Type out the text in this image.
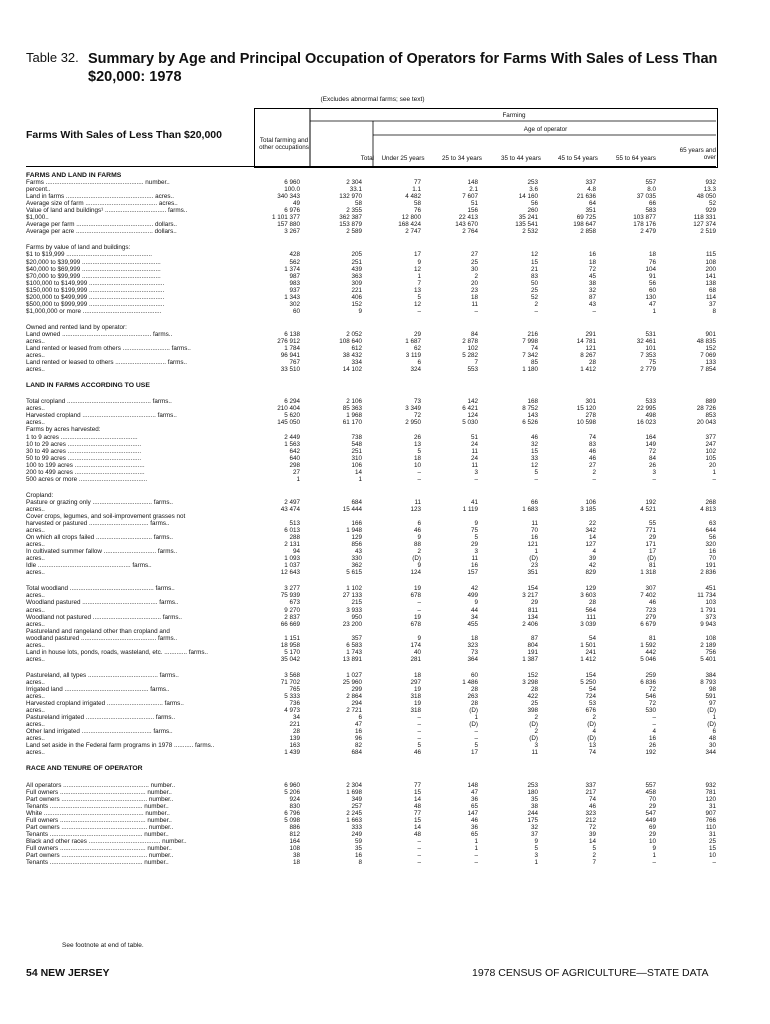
Table 32. Summary by Age and Principal Occupation of Operators for Farms With Sales of Less Than $20,000: 1978
(Excludes abnormal farms; see text)
Farms With Sales of Less Than $20,000	Total farming and other occupations
Farming
Age of operator
Total	Under 25 years	25 to 34 years	35 to 44 years	45 to 54 years	55 to 64 years
65 years and over
FARMS AND LAND IN FARMS
Farms ........................................................ number..	6 960	2 304	77	148	253	337	557	932
percent..	100.0	33.1	1.1	2.1	3.6	4.8	8.0	13.3
Land in farms .................................................. acres..	340 343	132 970	4 482	7 607	14 160	21 636	37 035	48 050
Average size of farm ......................................... acres..	49	58	58	51	56	64	66	52
Value of land and buildings¹ ................................... farms..	6 976	2 355	76	156	260	351	583	929
$1,000..	1 101 377	362 387	12 800	22 413	35 241	69 725	103 877	118 331
Average per farm ............................................ dollars..	157 880	153 879	168 424	143 670	135 541	198 647	178 176	127 374
Average per acre ............................................ dollars..	3 267	2 589	2 747	2 764	2 532	2 858	2 479	2 519
Farms by value of land and buildings:
$1 to $19,999 .................................................	428	205	17	27	12	16	18	115
$20,000 to $39,999 .............................................	562	251	9	25	15	18	76	108
$40,000 to $69,999 .............................................	1 374	439	12	30	21	72	104	200
$70,000 to $99,999 .............................................	987	363	1	2	83	45	91	141
$100,000 to $149,999 ...........................................	983	309	7	20	50	38	56	138
$150,000 to $199,999 ...........................................	937	221	13	23	25	32	60	68
$200,000 to $499,999 ...........................................	1 343	406	5	18	52	87	130	114
$500,000 to $999,999 ...........................................	302	152	12	11	2	43	47	37
$1,000,000 or more .............................................	60	9	–	–	–	–	1	8
Owned and rented land by operator:
Land owned ................................................... farms..	6 138	2 052	29	84	216	291	531	901
acres..	276 912	108 640	1 687	2 878	7 998	14 781	32 461	48 835
Land rented or leased from others ........................... farms..	1 784	612	62	102	74	121	101	152
acres..	96 941	38 432	3 119	5 282	7 342	8 267	7 353	7 069
Land rented or leased to others ............................. farms..	767	334	6	7	85	28	75	133
acres..	33 510	14 102	324	553	1 180	1 412	2 779	7 854
LAND IN FARMS ACCORDING TO USE
Total cropland ................................................ farms..	6 294	2 106	73	142	168	301	533	889
acres..	210 404	85 363	3 349	6 421	8 752	15 120	22 995	28 726
Harvested cropland .......................................... farms..	5 620	1 968	72	124	143	278	498	853
acres..	145 050	61 170	2 950	5 030	6 526	10 598	16 023	20 043
Farms by acres harvested:
1 to 9 acres ............................................	2 449	738	26	51	46	74	164	377
10 to 29 acres ..........................................	1 563	548	13	24	32	83	149	247
30 to 49 acres ..........................................	642	251	5	11	15	46	72	102
50 to 99 acres ..........................................	640	310	18	24	33	46	84	105
100 to 199 acres ........................................	298	106	10	11	12	27	26	20
200 to 499 acres ........................................	27	14	–	3	5	2	3	1
500 acres or more .......................................	1	1	–	–	–	–	–	–
Cropland:
Pasture or grazing only .................................. farms..	2 497	684	11	41	66	106	192	268
acres..	43 474	15 444	123	1 119	1 683	3 185	4 521	4 813
Cover crops, legumes, and soil-improvement grasses not
harvested or pastured .................................. farms..	513	166	6	9	11	22	55	63
acres..	6 013	1 948	46	75	70	342	771	644
On which all crops failed ................................ farms..	288	129	9	5	16	14	29	56
acres..	2 131	856	88	29	121	127	171	320
In cultivated summer fallow .............................. farms..	94	43	2	3	1	4	17	16
acres..	1 093	330	(D)	11	(D)	39	(D)	70
Idle ..................................................... farms..	1 037	362	9	16	23	42	81	191
acres..	12 643	5 615	124	157	351	829	1 318	2 836
Total woodland ................................................ farms..	3 277	1 102	19	42	154	129	307	451
acres..	75 939	27 133	678	499	3 217	3 603	7 402	11 734
Woodland pastured ........................................... farms..	673	215	–	9	29	28	46	103
acres..	9 270	3 933	–	44	811	564	723	1 791
Woodland not pastured ....................................... farms..	2 837	950	19	34	134	111	279	373
acres..	66 669	23 200	678	455	2 406	3 039	6 679	9 943
Pastureland and rangeland other than cropland and
woodland pastured ........................................... farms..	1 151	357	9	18	87	54	81	108
acres..	18 958	6 583	174	323	804	1 501	1 592	2 189
Land in house lots, ponds, roads, wasteland, etc. ............. farms..	5 170	1 743	40	73	191	241	442	756
acres..	35 042	13 891	281	364	1 387	1 412	5 046	5 401
Pastureland, all types ........................................ farms..	3 568	1 027	18	60	152	154	259	384
acres..	71 702	25 960	297	1 486	3 298	5 250	6 836	8 793
Irrigated land ................................................ farms..	765	299	19	28	28	54	72	98
acres..	5 333	2 864	318	263	422	724	546	591
Harvested cropland irrigated ................................ farms..	736	294	19	28	25	53	72	97
acres..	4 973	2 721	318	(D)	398	676	530	(D)
Pastureland irrigated ....................................... farms..	34	6	–	1	2	2	–	1
acres..	221	47	–	(D)	(D)	(D)	–	(D)
Other land irrigated ........................................ farms..	28	16	–	–	2	4	4	6
acres..	139	96	–	–	(D)	(D)	16	48
Land set aside in the Federal farm programs in 1978 ........... farms..	163	82	5	5	3	13	26	30
acres..	1 439	684	46	17	11	74	192	344
RACE AND TENURE OF OPERATOR
All operators ................................................. number..	6 960	2 304	77	148	253	337	557	932
Full owners ................................................. number..	5 206	1 698	15	47	180	217	458	781
Part owners ................................................. number..	924	349	14	36	35	74	70	120
Tenants ..................................................... number..	830	257	48	65	38	46	29	31
White ......................................................... number..	6 796	2 245	77	147	244	323	547	907
Full owners ................................................. number..	5 098	1 663	15	46	175	212	449	766
Part owners ................................................. number..	886	333	14	36	32	72	69	110
Tenants ..................................................... number..	812	249	48	65	37	39	29	31
Black and other races ......................................... number..	164	59	–	1	9	14	10	25
Full owners ................................................. number..	108	35	–	1	5	5	9	15
Part owners ................................................. number..	38	16	–	–	3	2	1	10
Tenants ..................................................... number..	18	8	–	–	1	7	–	–
See footnote at end of table.
54 NEW JERSEY	1978 CENSUS OF AGRICULTURE—STATE DATA
